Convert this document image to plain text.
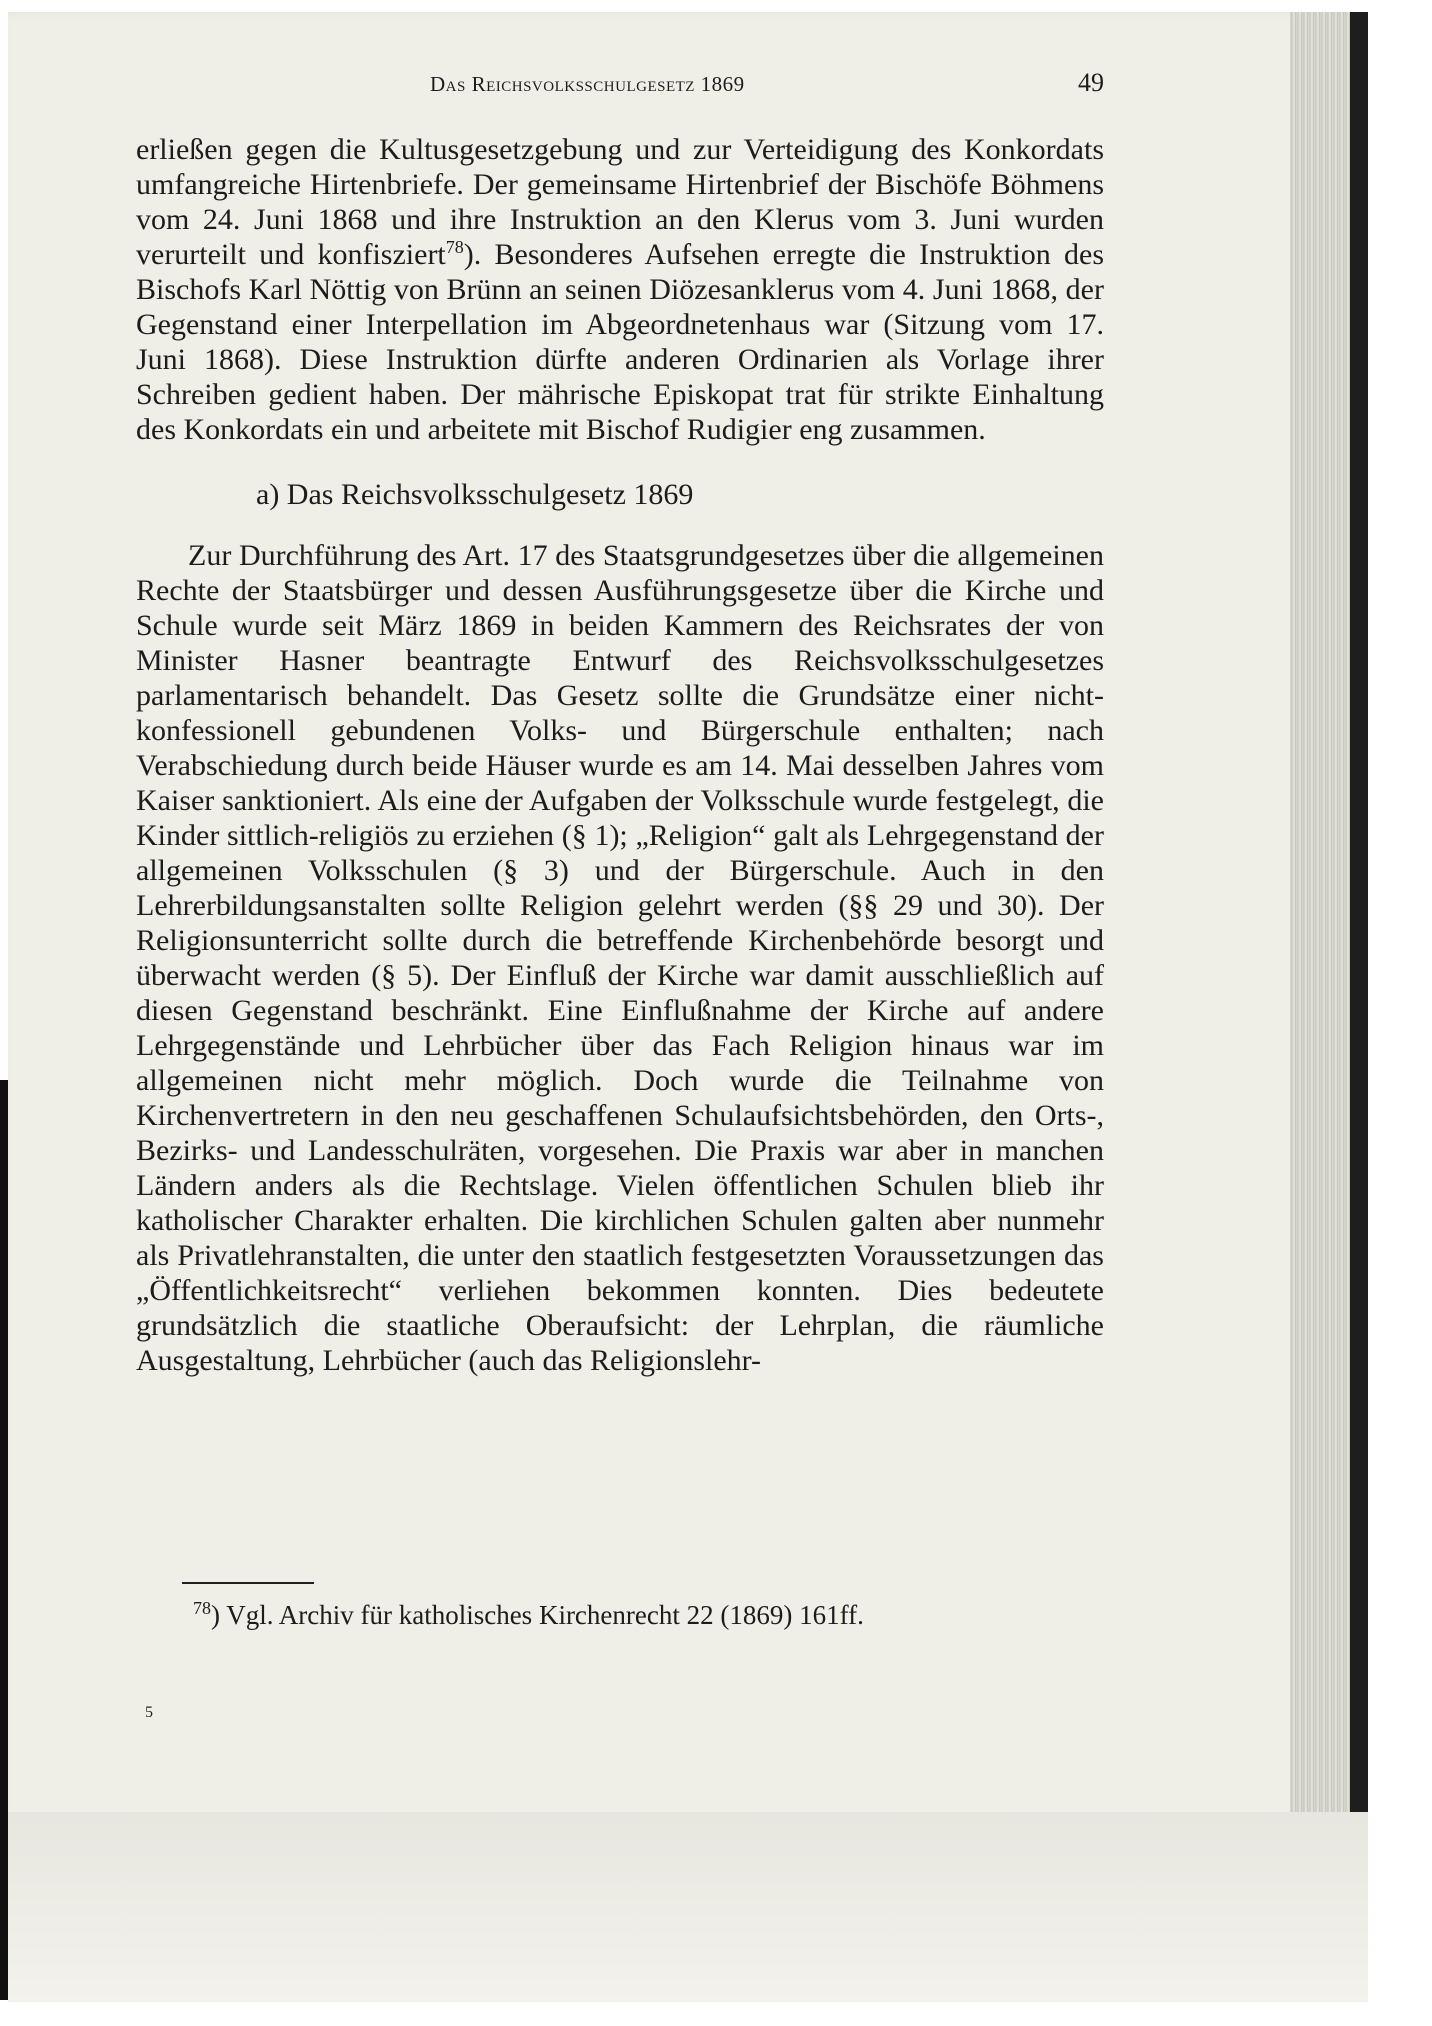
Das Reichsvolksschulgesetz 1869	49

erließen gegen die Kultusgesetzgebung und zur Verteidigung des Konkordats umfangreiche Hirtenbriefe. Der gemeinsame Hirtenbrief der Bischöfe Böhmens vom 24. Juni 1868 und ihre Instruktion an den Klerus vom 3. Juni wurden verurteilt und konfisziert$^{78}$). Besonderes Aufsehen erregte die Instruktion des Bischofs Karl Nöttig von Brünn an seinen Diözesanklerus vom 4. Juni 1868, der Gegenstand einer Interpellation im Abgeordnetenhaus war (Sitzung vom 17. Juni 1868). Diese Instruktion dürfte anderen Ordinarien als Vorlage ihrer Schreiben gedient haben. Der mährische Episkopat trat für strikte Einhaltung des Konkordats ein und arbeitete mit Bischof Rudigier eng zusammen.

a) Das Reichsvolksschulgesetz 1869

Zur Durchführung des Art. 17 des Staatsgrundgesetzes über die allgemeinen Rechte der Staatsbürger und dessen Ausführungsgesetze über die Kirche und Schule wurde seit März 1869 in beiden Kammern des Reichsrates der von Minister Hasner beantragte Entwurf des Reichsvolksschulgesetzes parlamentarisch behandelt. Das Gesetz sollte die Grundsätze einer nicht-konfessionell gebundenen Volks- und Bürgerschule enthalten; nach Verabschiedung durch beide Häuser wurde es am 14. Mai desselben Jahres vom Kaiser sanktioniert. Als eine der Aufgaben der Volksschule wurde festgelegt, die Kinder sittlich-religiös zu erziehen (§ 1); „Religion“ galt als Lehrgegenstand der allgemeinen Volksschulen (§ 3) und der Bürgerschule. Auch in den Lehrerbildungsanstalten sollte Religion gelehrt werden (§§ 29 und 30). Der Religionsunterricht sollte durch die betreffende Kirchenbehörde besorgt und überwacht werden (§ 5). Der Einfluß der Kirche war damit ausschließlich auf diesen Gegenstand beschränkt. Eine Einflußnahme der Kirche auf andere Lehrgegenstände und Lehrbücher über das Fach Religion hinaus war im allgemeinen nicht mehr möglich. Doch wurde die Teilnahme von Kirchenvertretern in den neu geschaffenen Schulaufsichtsbehörden, den Orts-, Bezirks- und Landesschulräten, vorgesehen. Die Praxis war aber in manchen Ländern anders als die Rechtslage. Vielen öffentlichen Schulen blieb ihr katholischer Charakter erhalten. Die kirchlichen Schulen galten aber nunmehr als Privatlehranstalten, die unter den staatlich festgesetzten Voraussetzungen das „Öffentlichkeitsrecht“ verliehen bekommen konnten. Dies bedeutete grundsätzlich die staatliche Oberaufsicht: der Lehrplan, die räumliche Ausgestaltung, Lehrbücher (auch das Religionslehr-

$^{78}$) Vgl. Archiv für katholisches Kirchenrecht 22 (1869) 161ff.
5
